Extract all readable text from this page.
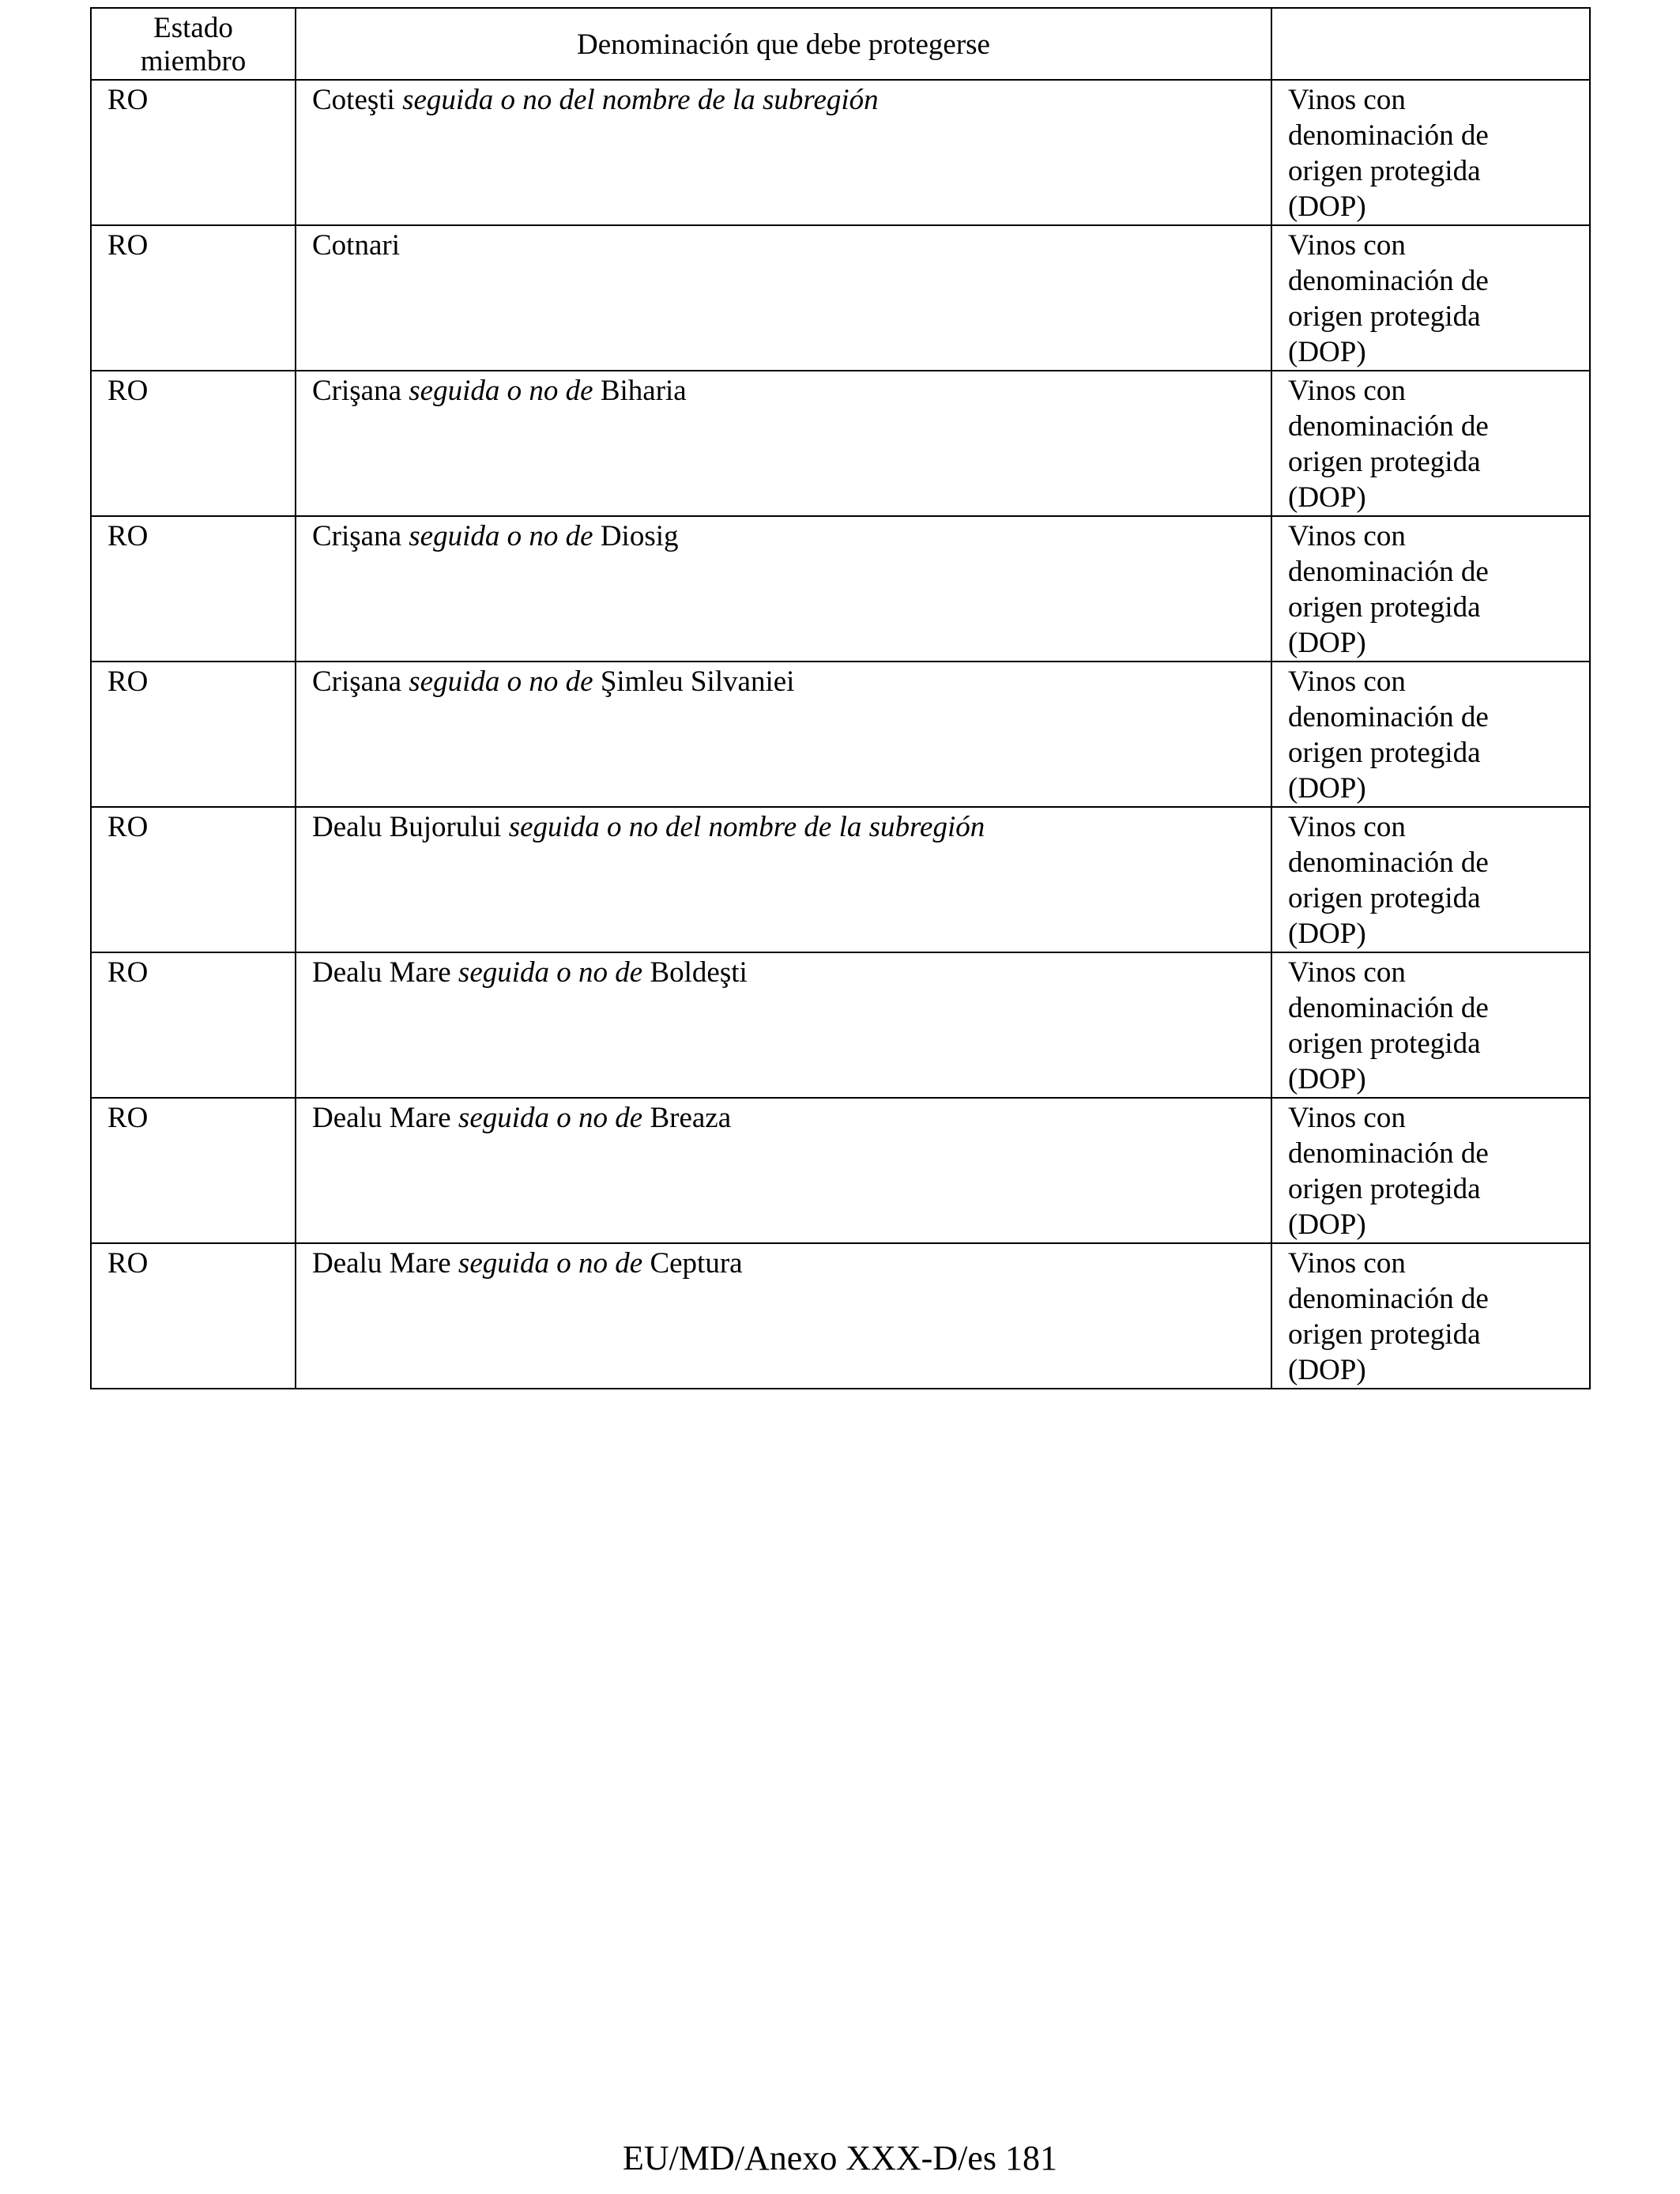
Estado
miembro	Denominación que debe protegerse	
RO	Coteşti seguida o no del nombre de la subregión	Vinos con
denominación de
origen protegida
(DOP)
RO	Cotnari	Vinos con
denominación de
origen protegida
(DOP)
RO	Crişana seguida o no de Biharia	Vinos con
denominación de
origen protegida
(DOP)
RO	Crişana seguida o no de Diosig	Vinos con
denominación de
origen protegida
(DOP)
RO	Crişana seguida o no de Şimleu Silvaniei	Vinos con
denominación de
origen protegida
(DOP)
RO	Dealu Bujorului seguida o no del nombre de la subregión	Vinos con
denominación de
origen protegida
(DOP)
RO	Dealu Mare seguida o no de Boldeşti	Vinos con
denominación de
origen protegida
(DOP)
RO	Dealu Mare seguida o no de Breaza	Vinos con
denominación de
origen protegida
(DOP)
RO	Dealu Mare seguida o no de Ceptura	Vinos con
denominación de
origen protegida
(DOP)
EU/MD/Anexo XXX-D/es 181
